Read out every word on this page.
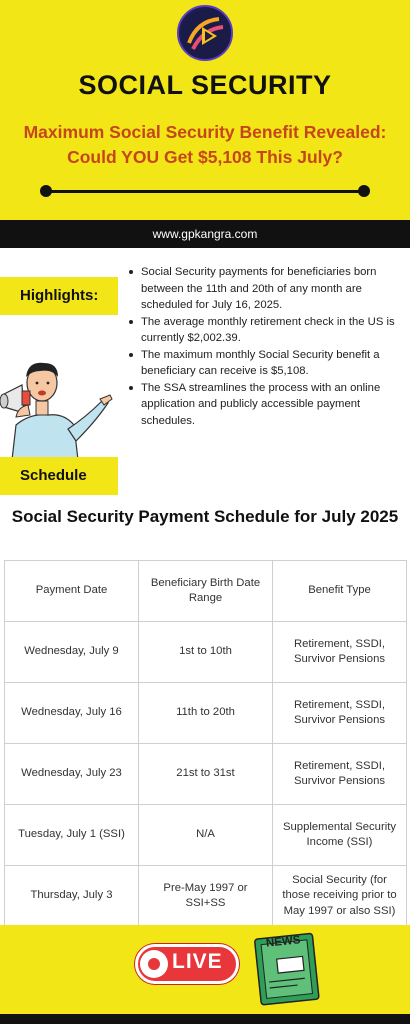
SOCIAL SECURITY
Maximum Social Security Benefit Revealed: Could YOU Get $5,108 This July?
www.gpkangra.com
Highlights:
Social Security payments for beneficiaries born between the 11th and 20th of any month are scheduled for July 16, 2025.
The average monthly retirement check in the US is currently $2,002.39.
The maximum monthly Social Security benefit a beneficiary can receive is $5,108.
The SSA streamlines the process with an online application and publicly accessible payment schedules.
Schedule
Social Security Payment Schedule for July 2025
Payment Date	Beneficiary Birth Date Range	Benefit Type
Wednesday, July 9	1st to 10th	Retirement, SSDI, Survivor Pensions
Wednesday, July 16	11th to 20th	Retirement, SSDI, Survivor Pensions
Wednesday, July 23	21st to 31st	Retirement, SSDI, Survivor Pensions
Tuesday, July 1 (SSI)	N/A	Supplemental Security Income (SSI)
Thursday, July 3	Pre-May 1997 or SSI+SS	Social Security (for those receiving prior to May 1997 or also SSI)
LIVE
NEWS
